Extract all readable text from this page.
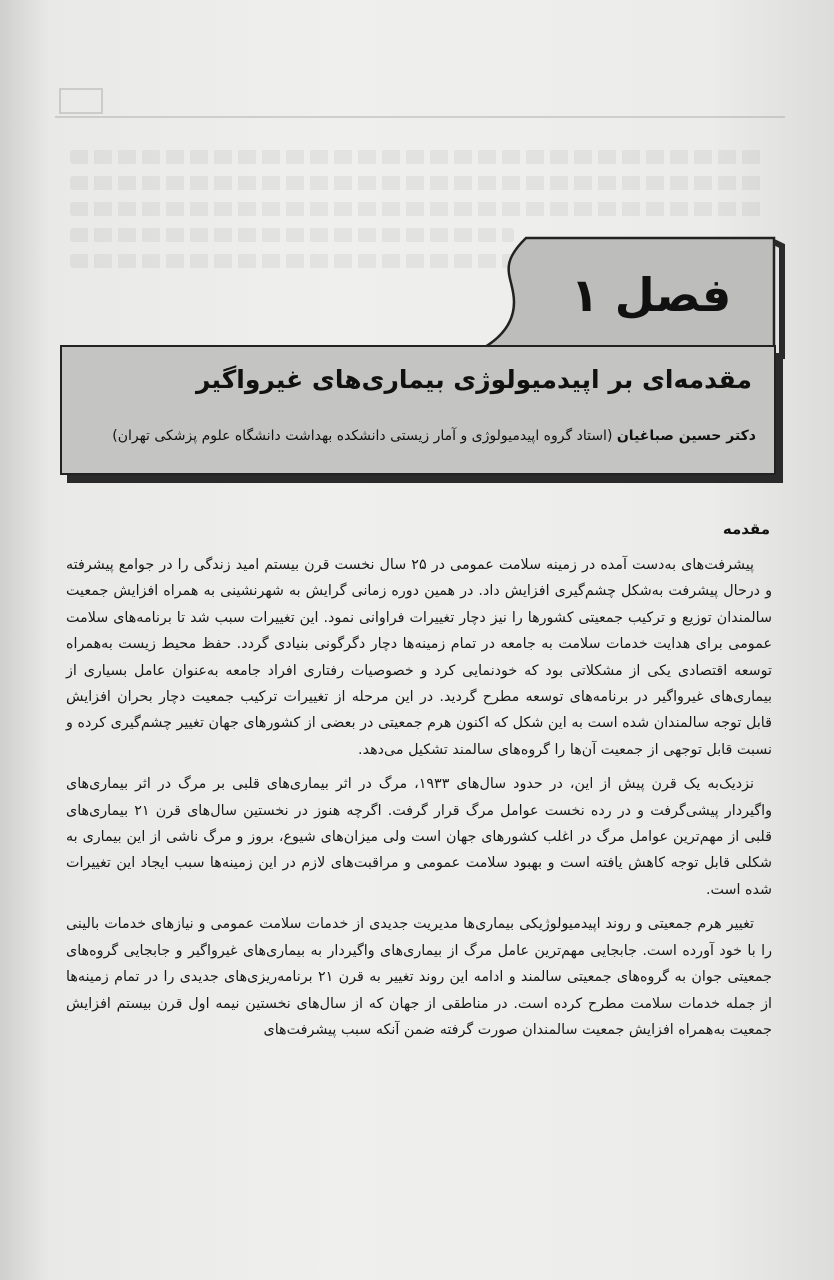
فصل ۱
مقدمه‌ای بر اپیدمیولوژی بیماری‌های غیرواگیر
دکتر حسین صباغیان (استاد گروه اپیدمیولوژی و آمار زیستی دانشکده بهداشت دانشگاه علوم پزشکی تهران)
مقدمه

پیشرفت‌های به‌دست آمده در زمینه سلامت عمومی در ۲۵ سال نخست قرن بیستم امید زندگی را در جوامع پیشرفته و درحال پیشرفت به‌شکل چشم‌گیری افزایش داد. در همین دوره زمانی گرایش به شهرنشینی به همراه افزایش جمعیت سالمندان توزیع و ترکیب جمعیتی کشورها را نیز دچار تغییرات فراوانی نمود. این تغییرات سبب شد تا برنامه‌های سلامت عمومی برای هدایت خدمات سلامت به جامعه در تمام زمینه‌ها دچار دگرگونی بنیادی گردد. حفظ محیط زیست به‌همراه توسعه اقتصادی یکی از مشکلاتی بود که خودنمایی کرد و خصوصیات رفتاری افراد جامعه به‌عنوان عامل بسیاری از بیماری‌های غیرواگیر در برنامه‌های توسعه مطرح گردید. در این مرحله از تغییرات ترکیب جمعیت دچار بحران افزایش قابل توجه سالمندان شده است به این شکل که اکنون هرم جمعیتی در بعضی از کشورهای جهان تغییر چشم‌گیری کرده و نسبت قابل توجهی از جمعیت آن‌ها را گروه‌های سالمند تشکیل می‌دهد.

نزدیک‌به یک قرن پیش از این، در حدود سال‌های ۱۹۳۳، مرگ در اثر بیماری‌های قلبی بر مرگ در اثر بیماری‌های واگیردار پیشی‌گرفت و در رده نخست عوامل مرگ قرار گرفت. اگرچه هنوز در نخستین سال‌های قرن ۲۱ بیماری‌های قلبی از مهم‌ترین عوامل مرگ در اغلب کشورهای جهان است ولی میزان‌های شیوع، بروز و مرگ ناشی از این بیماری به شکلی قابل توجه کاهش یافته است و بهبود سلامت عمومی و مراقبت‌های لازم در این زمینه‌ها سبب ایجاد این تغییرات شده است.

تغییر هرم جمعیتی و روند اپیدمیولوژیکی بیماری‌ها مدیریت جدیدی از خدمات سلامت عمومی و نیازهای خدمات بالینی را با خود آورده است. جابجایی مهم‌ترین عامل مرگ از بیماری‌های واگیردار به بیماری‌های غیرواگیر و جابجایی گروه‌های جمعیتی جوان به گروه‌های جمعیتی سالمند و ادامه این روند تغییر به قرن ۲۱ برنامه‌ریزی‌های جدیدی را در تمام زمینه‌ها از جمله خدمات سلامت مطرح کرده است. در مناطقی از جهان که از سال‌های نخستین نیمه اول قرن بیستم افزایش جمعیت به‌همراه افزایش جمعیت سالمندان صورت گرفته ضمن آنکه سبب پیشرفت‌های
